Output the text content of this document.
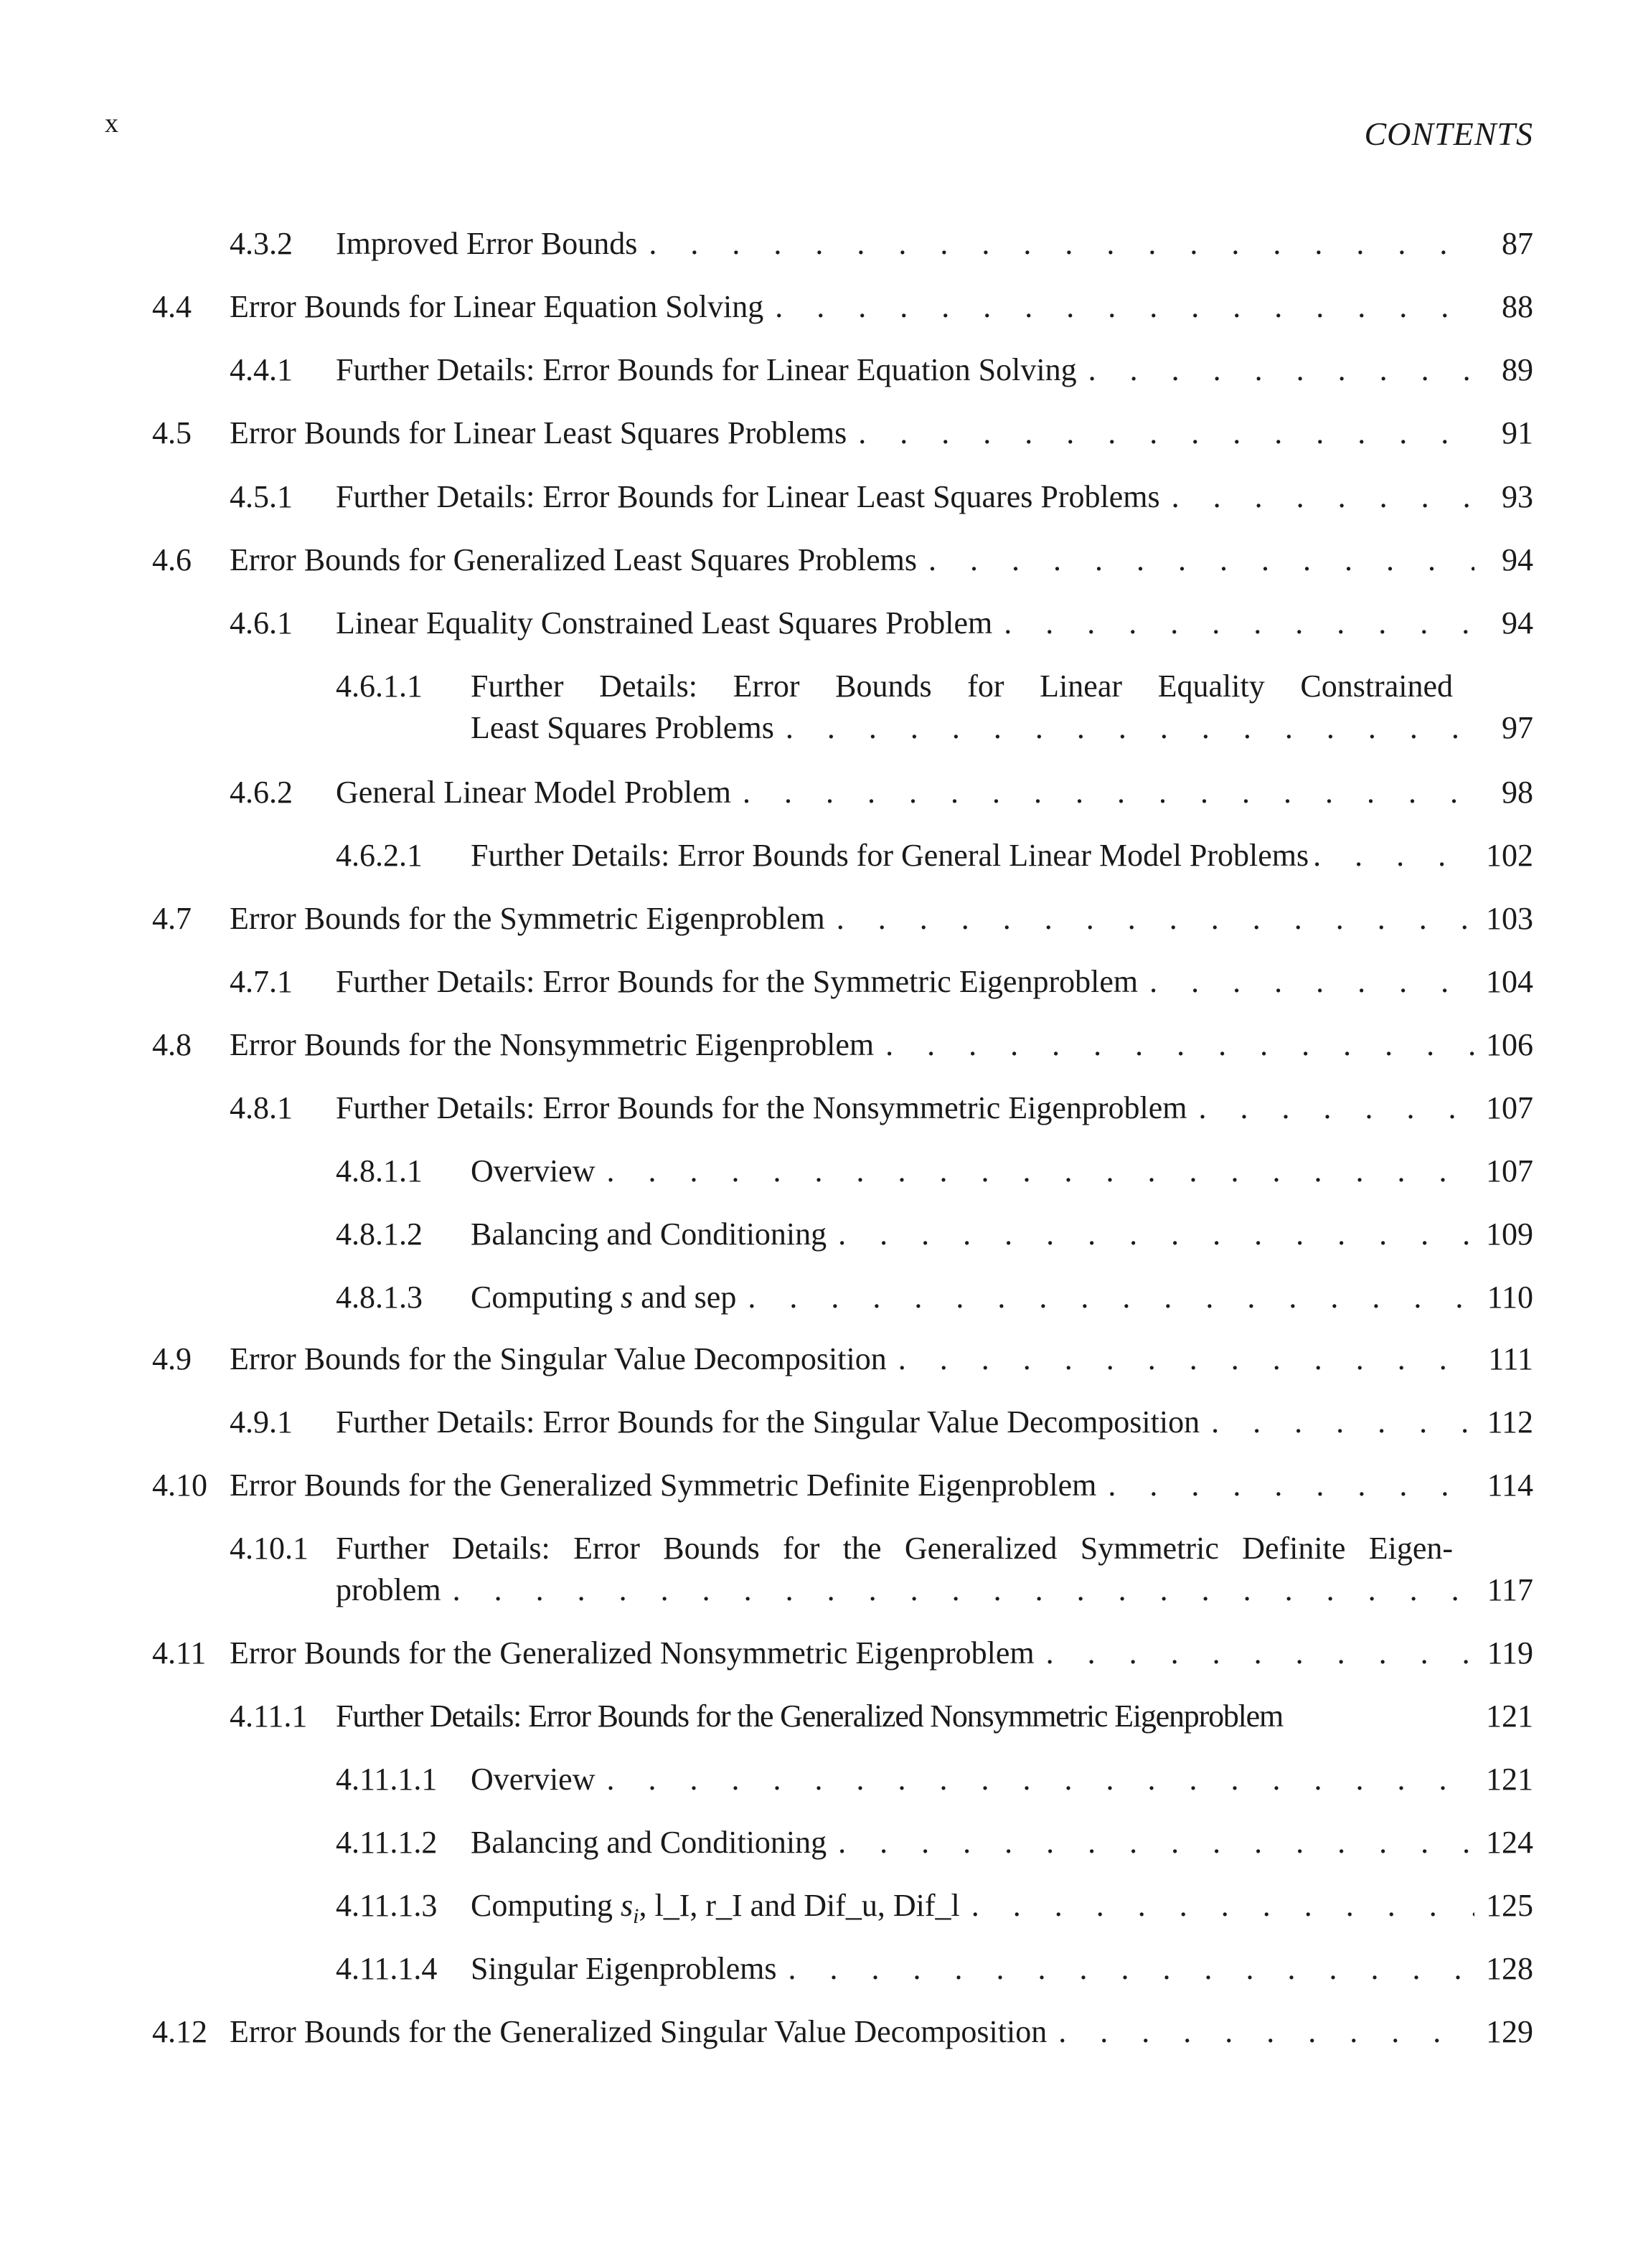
x	CONTENTS
4.3.2 Improved Error Bounds . . .	87
4.4 Error Bounds for Linear Equation Solving . . .	88
4.4.1 Further Details: Error Bounds for Linear Equation Solving . . .	89
4.5 Error Bounds for Linear Least Squares Problems . . .	91
4.5.1 Further Details: Error Bounds for Linear Least Squares Problems . . .	93
4.6 Error Bounds for Generalized Least Squares Problems . . .	94
4.6.1 Linear Equality Constrained Least Squares Problem . . .	94
4.6.1.1 Further Details: Error Bounds for Linear Equality Constrained
Least Squares Problems . . .	97
4.6.2 General Linear Model Problem . . .	98
4.6.2.1 Further Details: Error Bounds for General Linear Model Problems . . .	102
4.7 Error Bounds for the Symmetric Eigenproblem . . .	103
4.7.1 Further Details: Error Bounds for the Symmetric Eigenproblem . . .	104
4.8 Error Bounds for the Nonsymmetric Eigenproblem . . .	106
4.8.1 Further Details: Error Bounds for the Nonsymmetric Eigenproblem . . .	107
4.8.1.1 Overview . . .	107
4.8.1.2 Balancing and Conditioning . . .	109
4.8.1.3 Computing s and sep . . .	110
4.9 Error Bounds for the Singular Value Decomposition . . .	111
4.9.1 Further Details: Error Bounds for the Singular Value Decomposition . . .	112
4.10 Error Bounds for the Generalized Symmetric Definite Eigenproblem . . .	114
4.10.1 Further Details: Error Bounds for the Generalized Symmetric Definite Eigen-
problem . . .	117
4.11 Error Bounds for the Generalized Nonsymmetric Eigenproblem . . .	119
4.11.1 Further Details: Error Bounds for the Generalized Nonsymmetric Eigenproblem	121
4.11.1.1 Overview . . .	121
4.11.1.2 Balancing and Conditioning . . .	124
4.11.1.3 Computing $s_i$, l_I, r_I and Dif_u, Dif_l . . .	125
4.11.1.4 Singular Eigenproblems . . .	128
4.12 Error Bounds for the Generalized Singular Value Decomposition . . .	129
